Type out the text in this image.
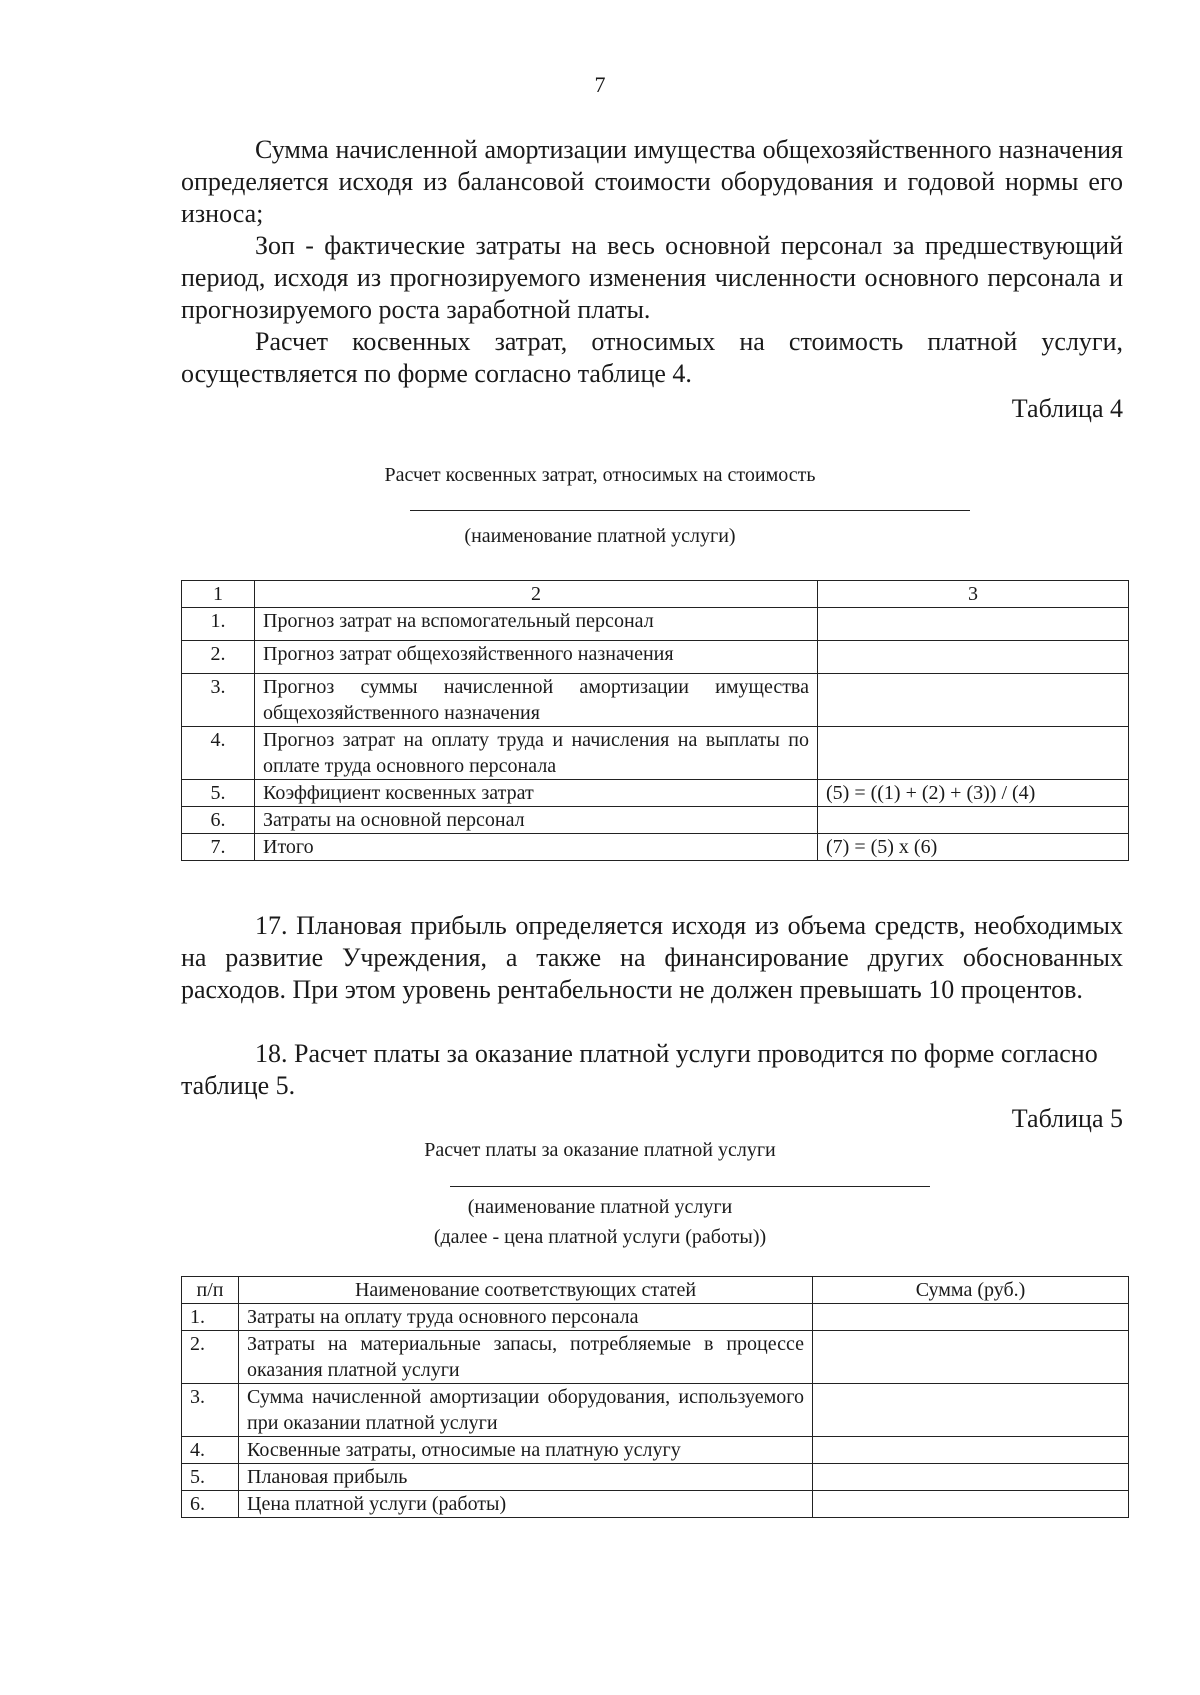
7

Сумма начисленной амортизации имущества общехозяйственного назначения определяется исходя из балансовой стоимости оборудования и годовой нормы его износа;

Зоп - фактические затраты на весь основной персонал за предшествующий период, исходя из прогнозируемого изменения численности основного персонала и прогнозируемого роста заработной платы.

Расчет косвенных затрат, относимых на стоимость платной услуги, осуществляется по форме согласно таблице 4.

Таблица 4
Расчет косвенных затрат, относимых на стоимость
(наименование платной услуги)
1	2	3
1.	Прогноз затрат на вспомогательный персонал	
2.	Прогноз затрат общехозяйственного назначения	
3.	Прогноз суммы начисленной амортизации имущества общехозяйственного назначения	
4.	Прогноз затрат на оплату труда и начисления на выплаты по оплате труда основного персонала	
5.	Коэффициент косвенных затрат	(5) = ((1) + (2) + (3)) / (4)
6.	Затраты на основной персонал	
7.	Итого	(7) = (5) х (6)

17. Плановая прибыль определяется исходя из объема средств, необходимых на развитие Учреждения, а также на финансирование других обоснованных расходов. При этом уровень рентабельности не должен превышать 10 процентов.

18. Расчет платы за оказание платной услуги проводится по форме согласно таблице 5.

Таблица 5
Расчет платы за оказание платной услуги
(наименование платной услуги
(далее - цена платной услуги (работы))
п/п	Наименование соответствующих статей	Сумма (руб.)
1.	Затраты на оплату труда основного персонала	
2.	Затраты на материальные запасы, потребляемые в процессе оказания платной услуги	
3.	Сумма начисленной амортизации оборудования, используемого при оказании платной услуги	
4.	Косвенные затраты, относимые на платную услугу	
5.	Плановая прибыль	
6.	Цена платной услуги (работы)	
